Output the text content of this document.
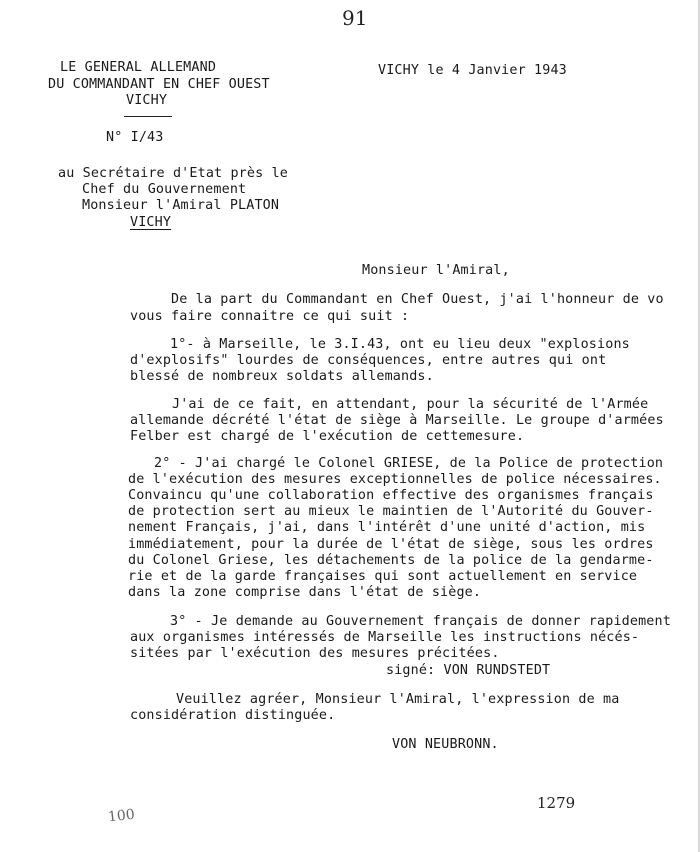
91
LE GENERAL ALLEMAND
DU COMMANDANT EN CHEF OUEST
VICHY
N° I/43
VICHY le 4 Janvier 1943
au Secrétaire d'Etat près le
Chef du Gouvernement
Monsieur l'Amiral PLATON
VICHY
Monsieur l'Amiral,
De la part du Commandant en Chef Ouest, j'ai l'honneur de vo
vous faire connaitre ce qui suit :
1°- à Marseille, le 3.I.43, ont eu lieu deux "explosions
d'explosifs" lourdes de conséquences, entre autres qui ont
blessé de nombreux soldats allemands.
J'ai de ce fait, en attendant, pour la sécurité de l'Armée
allemande décrété l'état de siège à Marseille. Le groupe d'armées
Felber est chargé de l'exécution de cettemesure.
2° - J'ai chargé le Colonel GRIESE, de la Police de protection
de l'exécution des mesures exceptionnelles de police nécessaires.
Convaincu qu'une collaboration effective des organismes français
de protection sert au mieux le maintien de l'Autorité du Gouver-
nement Français, j'ai, dans l'intérêt d'une unité d'action, mis
immédiatement, pour la durée de l'état de siège, sous les ordres
du Colonel Griese, les détachements de la police de la gendarme-
rie et de la garde françaises qui sont actuellement en service
dans la zone comprise dans l'état de siège.
3° - Je demande au Gouvernement français de donner rapidement
aux organismes intéressés de Marseille les instructions nécés-
sitées par l'exécution des mesures précitées.
signé: VON RUNDSTEDT
Veuillez agréer, Monsieur l'Amiral, l'expression de ma
considération distinguée.
VON NEUBRONN.
1279
100
